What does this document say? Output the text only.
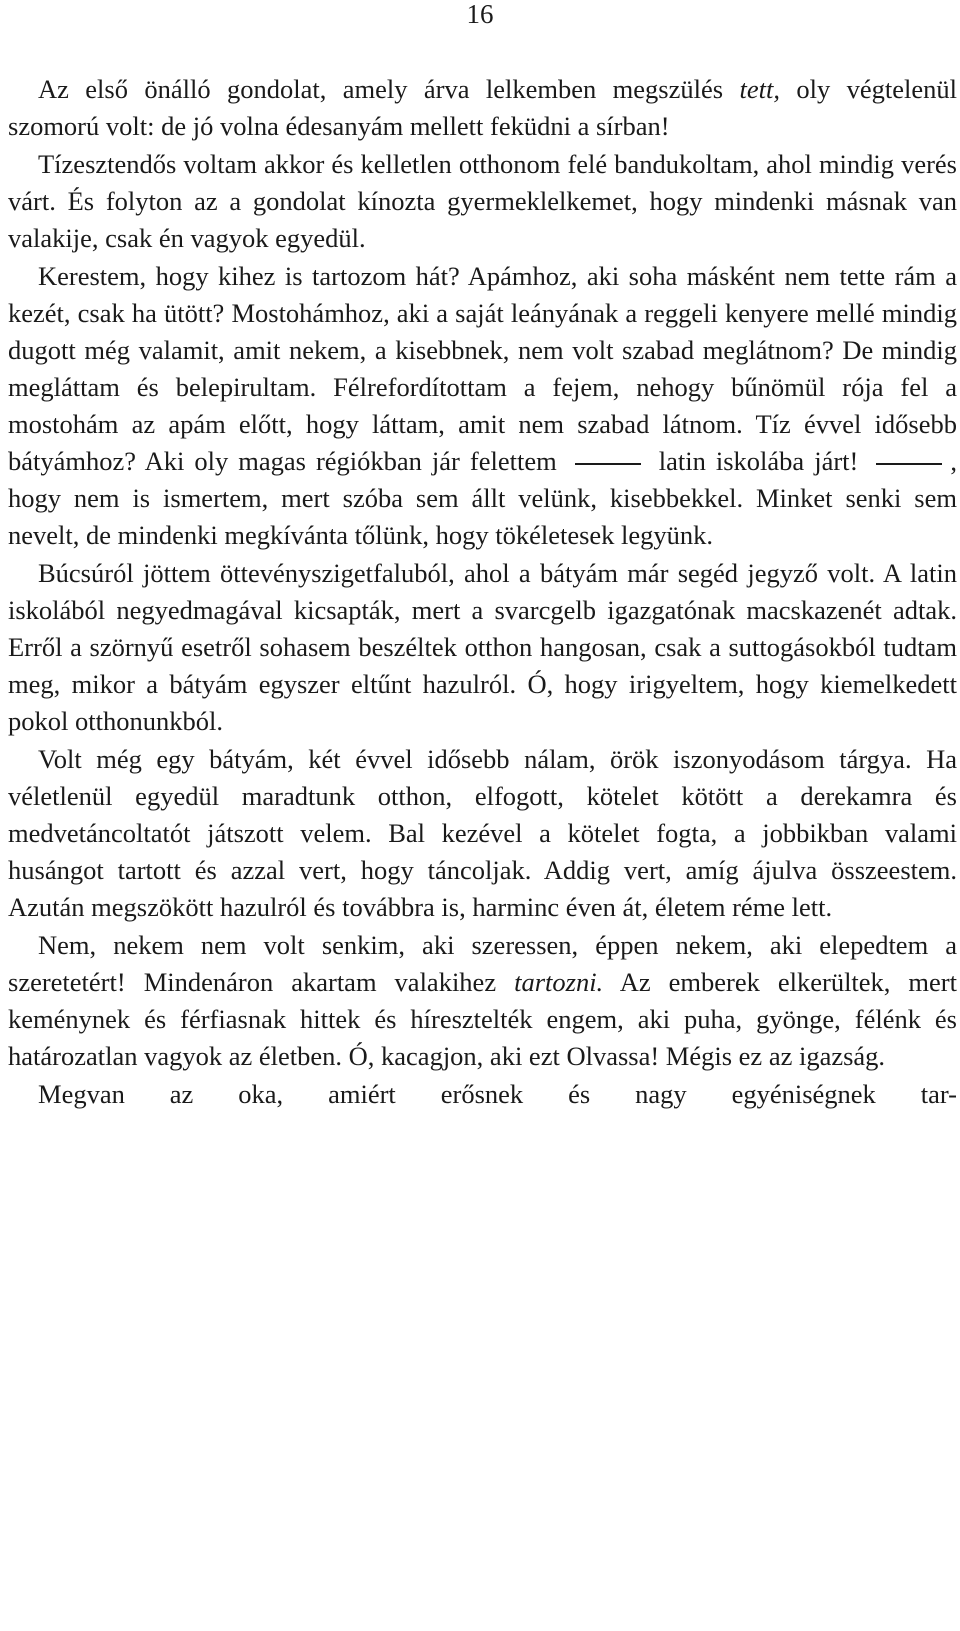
16

Az első önálló gondolat, amely árva lelkemben megszülés tett, oly végtelenül szomorú volt: de jó volna édesanyám mellett feküdni a sírban!

Tízesztendős voltam akkor és kelletlen otthonom felé bandukoltam, ahol mindig verés várt. És folyton az a gondolat kínozta gyermeklelkemet, hogy mindenki másnak van valakije, csak én vagyok egyedül.

Kerestem, hogy kihez is tartozom hát? Apámhoz, aki soha másként nem tette rám a kezét, csak ha ütött? Mostohámhoz, aki a saját leányának a reggeli kenyere mellé mindig dugott még valamit, amit nekem, a kisebbnek, nem volt szabad meglátnom? De mindig megláttam és belepirultam. Félrefordítottam a fejem, nehogy bűnömül rója fel a mostohám az apám előtt, hogy láttam, amit nem szabad látnom. Tíz évvel idősebb bátyámhoz? Aki oly magas régiókban jár felettem	latin iskolába járt!	, hogy nem is ismertem, mert szóba sem állt velünk, kisebbekkel. Minket senki sem nevelt, de mindenki megkívánta tőlünk, hogy tökéletesek legyünk.

Búcsúról jöttem öttevényszigetfaluból, ahol a bátyám már segéd jegyző volt. A latin iskolából negyedmagával kicsapták, mert a svarcgelb igazgatónak macskazenét adtak. Erről a szörnyű esetről sohasem beszéltek otthon hangosan, csak a suttogásokból tudtam meg, mikor a bátyám egyszer eltűnt hazulról. Ó, hogy irigyeltem, hogy kiemelkedett pokol otthonunkból.

Volt még egy bátyám, két évvel idősebb nálam, örök iszonyodásom tárgya. Ha véletlenül egyedül maradtunk otthon, elfogott, kötelet kötött a derekamra és medvetáncoltatót játszott velem. Bal kezével a kötelet fogta, a jobbikban valami husángot tartott és azzal vert, hogy táncoljak. Addig vert, amíg ájulva összeestem. Azután megszökött hazulról és továbbra is, harminc éven át, életem réme lett.

Nem, nekem nem volt senkim, aki szeressen, éppen nekem, aki elepedtem a szeretetért! Mindenáron akartam valakihez tartozni. Az emberek elkerültek, mert keménynek és férfiasnak hittek és híresztelték engem, aki puha, gyönge, félénk és határozatlan vagyok az életben. Ó, kacagjon, aki ezt Olvassa! Mégis ez az igazság.

Megvan az oka, amiért erősnek és nagy egyéniségnek tar-
